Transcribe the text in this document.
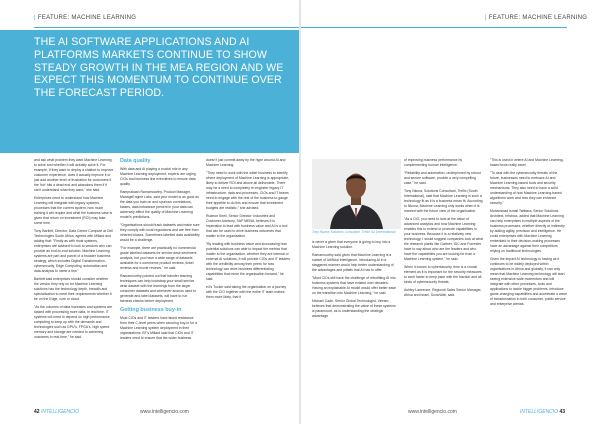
| FEATURE: MACHINE LEARNING	| FEATURE: MACHINE LEARNING

THE AI SOFTWARE APPLICATIONS AND AI PLATFORMS MARKETS CONTINUE TO SHOW STEADY GROWTH IN THE MEA REGION AND WE EXPECT THIS MOMENTUM TO CONTINUE OVER THE FORECAST PERIOD.

and ask what problem they want Machine Learning to solve and whether it will actually solve it. For example, if they want to deploy a chatbot to improve customer experience, does it actually improve it or just add another level of frustration for customers if the 'bot' hits a dead end and abandons them if it can't understand what they want," she said.

Enterprises need to understand how Machine Learning will integrate with legacy systems, processes that the current system, how much training it will require and what the business case is given that return on investment (ROI) may take some time.

Tony Bartlett, Director, Data Centre Compute at Dell Technologies South Africa, agreed with Millard and adding that: "Firstly as with most systems, enterprises are advised to look to vendors who can provide an end-to-end solution. Machine Learning systems are part and parcel of a broader business strategy, which includes Digital Transformation, cybersecurity, Edge Computing, automation and data analysis to name a few."

Bartlett said enterprises should consider whether the vendor they rely on for Machine Learning solutions has the technology depth, breadth and specialisation to meet their requirements whether it be on the Edge, core or cloud.

"As the volumes of data increases and systems are tasked with processing more data, in real time, IT systems will need to depend on high performance computing to keep up with the demands and technologies such as GPU's, FPGA's, high speed memory and storage are needed to achieving outcomes in real-time," he said.

Data quality

With data and AI playing a crucial role in any Machine Learning deployment, experts are urging CIOs and business line executives to ensure data quality.

Ramprakash Ramamoorthy, Product Manager, ManageEngine Labs, said your model is as good as the data you train on and spurious correlations, biases, data imbalance present in your data can adversely affect the quality of Machine Learning model's predictions.

"Organisations should track datasets and make sure they comply with local regulations and are free from inherent biases. Sometimes labelled data availability would be a challenge.

"For example, there are practically no commercial grade labelled datasets for service desk sentiment analysis, but you have a wide range of datasets available for e-commerce product reviews, ticket reviews and movie reviews," he said.

Ramamoorthy pointed out that transfer learning techniques can help bootstrap your small service desk dataset with the learnings from the larger consumer datasets and whenever ammos used to generate and label datasets, will have to run fairness checks before deployment.

Getting business buy-in

Most CIOs and IT leaders have faced resistance from their C-level peers when securing buy-in for a Machine Learning system deployment in their organisations. BT's Millard said that CIOs and IT leaders need to ensure that the wider business

doesn't just commit away by the hype around AI and Machine Learning.

"They need to work with the wider business to identify where deployment of Machine Learning is appropriate, likely to deliver ROI and above all deliverable. There may be a need to completely re-engineer legacy IT infrastructure, data and processes. CIOs and IT teams need to engage with the rest of the business to gauge their appetite to do this and ensure that investment budgets are realistic," she advised.

Rudeon Snell, Senior Director: Industries and Customer Advisory, SAP MENA, believes it is imperative to lead with business value and AI is a tool that can be used to drive business outcomes that matter to the organisation.

"By leading with business value and showcasing how potential solutions can able to impact the metrics that matter to the organisation, whether they are internal or external AI solutions, it will provide CIOs and IT leaders with the credibility among their peers for how technology can drive business differentiating capabilities that move the organisation forward," he said.

e4's Tucker said taking the organisation on a journey with the CIO together with the entire IT team makes them more likely, that it

Tony Nkuna, Solutions Consultant, Trellix SA (International)

is never a given that everyone is going to buy into a Machine Learning solution.

Ramamoorthy said given that Machine Learning is a subset of Artificial Intelligence, introducing AI in a staggered manner would help better understanding of the advantages and pitfalls that AI has to offer.

"Most CIOs still have the challenge of retrofitting AI into business systems that have existed over decades. Having an explainable AI model would offer better ease on the transition into Machine Learning," he said.

Michael Cade, Senior Global Technologist, Veeam, believes that demonstrating the value of these systems is paramount, as is understanding the strategic advantage

of improving business performance by complementing human intelligence.

"Reliability and automation, underpinned by robust and secure software, provide a very compelling case," he said.

Tony Nkuna, Solutions Consultant, Trellix (South International), said that Machine Learning is such a technology fit as it is a business mean fit. According to Nkuna, Machine Learning only works when it is married with the future view of the organisation.

"As a CIO, you need to look at the value of advanced analytics and how Machine Learning enables this to extend or promote capabilities in your business. Because it is a relatively new technology, I would suggest companies look at what the research plants like Gartner, IDC and Forrester have to say about who are the leaders and who have the capabilities you are looking for from a Machine Learning system," he said.

When it comes to cybersecurity, time is a crucial element as it is important for the security measures to work faster to keep pace with the fraction and all kinds of cybersecurity threats.

Ashley Lawrence, Regional Sales Senior Manager, Africa and Israel, SonicWall, said:

"This is used in where AI and Machine Learning-based tools really excel.

"To deal with the cybersecurity threats of the future, businesses need to embrace AI and Machine Learning-based tools and security mechanisms. They also need to have a solid understanding of how Machine Learning-based algorithms work and how they can enhance security."

Mohammad Ismail Tabbara, Senior Solutions Architect, Infoblox, added that Machine Learning can help enterprises in multiple aspects of the business processes, whether directly or indirectly by adding agility, precision and intelligence. He could enterprises with Machine Learning embedded in their decision-making processes have an advantage against their competitors relying on traditional technologies.

Given the impact AI technology is having as it continues to be widely deployed within organisations in Africa and globally, it can only mean that Machine Learning technology will start seeing extensive wide momentum and will integrate with other processes, tools and applications to tackle bigger problems, introduce game-changing capabilities and accelerate a wave of transformation in both consumer, public service and enterprise arenas.

42 INTELLIGENCIO	www.intelligencio.com	www.intelligencio.com	INTELLIGENCIO 43
